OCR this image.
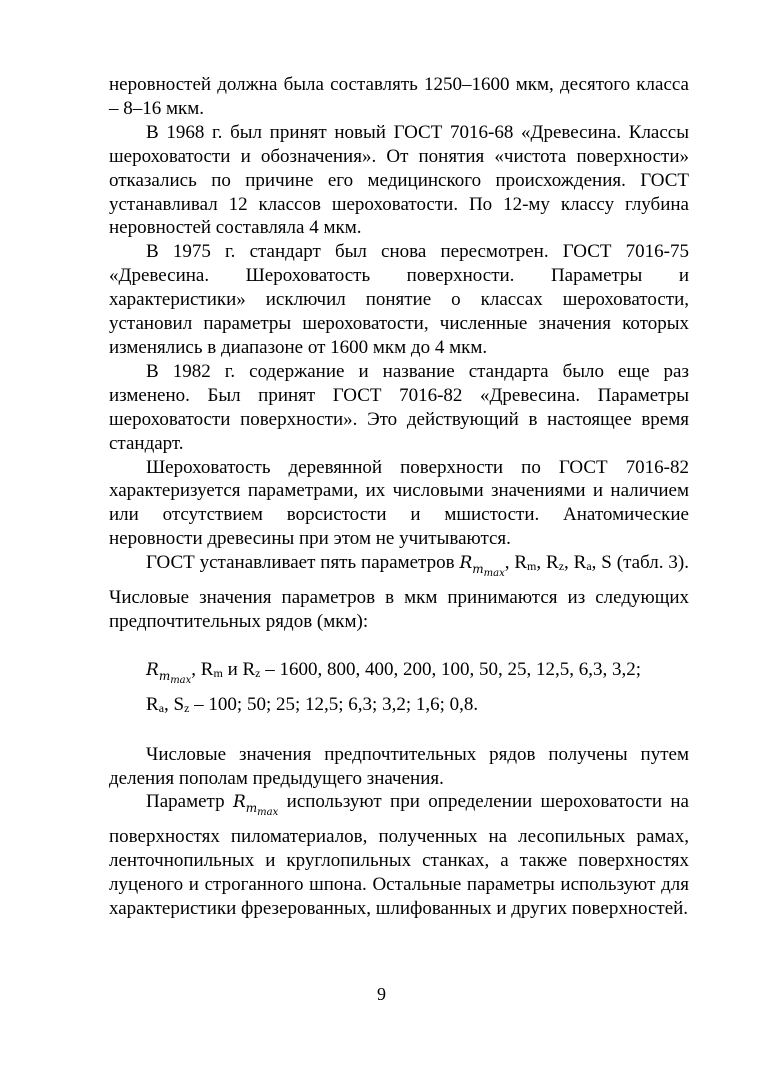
неровностей должна была составлять 1250–1600 мкм, десятого класса – 8–16 мкм.

В 1968 г. был принят новый ГОСТ 7016-68 «Древесина. Классы шероховатости и обозначения». От понятия «чистота поверхности» отказались по причине его медицинского происхождения. ГОСТ устанавливал 12 классов шероховатости. По 12-му классу глубина неровностей составляла 4 мкм.

В 1975 г. стандарт был снова пересмотрен. ГОСТ 7016-75 «Древесина. Шероховатость поверхности. Параметры и характеристики» исключил понятие о классах шероховатости, установил параметры шероховатости, численные значения которых изменялись в диапазоне от 1600 мкм до 4 мкм.

В 1982 г. содержание и название стандарта было еще раз изменено. Был принят ГОСТ 7016-82 «Древесина. Параметры шероховатости поверхности». Это действующий в настоящее время стандарт.

Шероховатость деревянной поверхности по ГОСТ 7016-82 характеризуется параметрами, их числовыми значениями и наличием или отсутствием ворсистости и мшистости. Анатомические неровности древесины при этом не учитываются.

ГОСТ устанавливает пять параметров $R_{m_{max}}$, Rm, Rz, Ra, S (табл. 3). Числовые значения параметров в мкм принимаются из следующих предпочтительных рядов (мкм):

$R_{m_{max}}$, Rm и Rz – 1600, 800, 400, 200, 100, 50, 25, 12,5, 6,3, 3,2;

Ra, Sz – 100; 50; 25; 12,5; 6,3; 3,2; 1,6; 0,8.

Числовые значения предпочтительных рядов получены путем деления пополам предыдущего значения.

Параметр $R_{m_{max}}$ используют при определении шероховатости на поверхностях пиломатериалов, полученных на лесопильных рамах, ленточнопильных и круглопильных станках, а также поверхностях луценого и строганного шпона. Остальные параметры используют для характеристики фрезерованных, шлифованных и других поверхностей.

9
